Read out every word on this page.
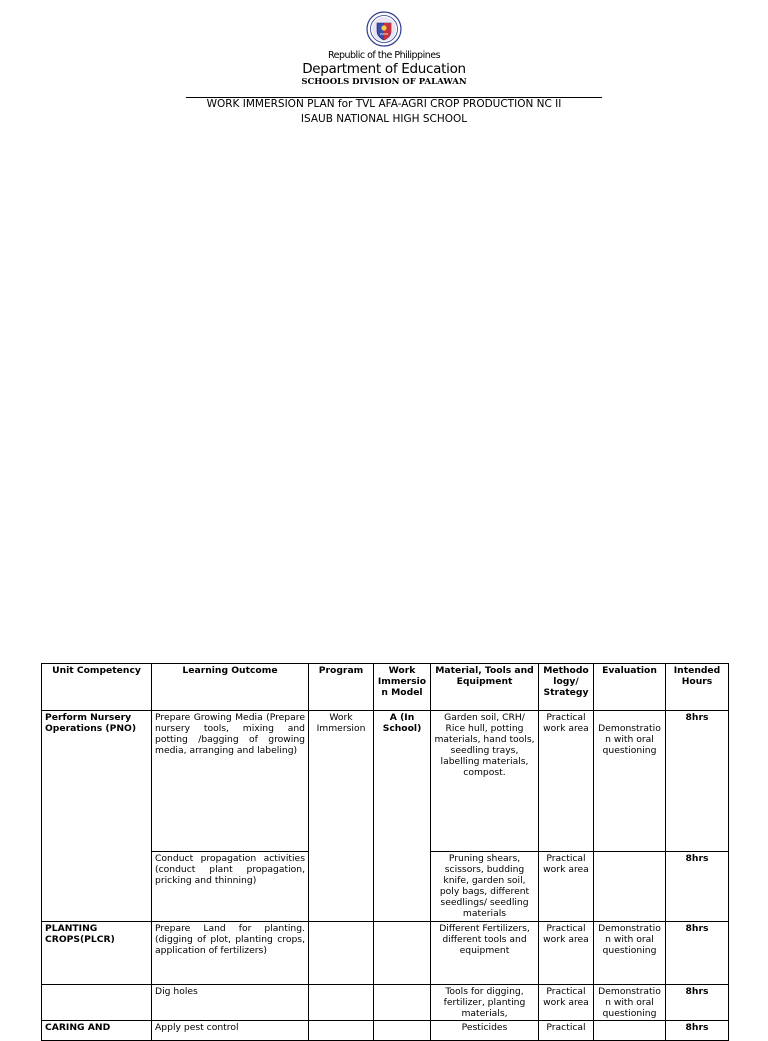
Republic of the Philippines
Department of Education
SCHOOLS DIVISION OF PALAWAN
WORK IMMERSION PLAN for TVL AFA-AGRI CROP PRODUCTION NC II
ISAUB NATIONAL HIGH SCHOOL
Unit Competency	Learning Outcome	Program	Work Immersion Model	Material, Tools and Equipment	Methodology/ Strategy	Evaluation	Intended Hours
Perform Nursery Operations (PNO)	Prepare Growing Media (Prepare nursery tools, mixing and potting /bagging of growing media, arranging and labeling)	Work Immersion	A (In School)	Garden soil, CRH/ Rice hull, potting materials, hand tools, seedling trays, labelling materials, compost.	Practical work area	Demonstration with oral questioning	8hrs
	Conduct propagation activities (conduct plant propagation, pricking and thinning)			Pruning shears, scissors, budding knife, garden soil, poly bags, different seedlings/ seedling materials	Practical work area		8hrs
PLANTING CROPS(PLCR)	Prepare Land for planting. (digging of plot, planting crops, application of fertilizers)			Different Fertilizers, different tools and equipment	Practical work area	Demonstration with oral questioning	8hrs
	Dig holes			Tools for digging, fertilizer, planting materials,	Practical work area	Demonstration with oral questioning	8hrs
CARING AND	Apply pest control			Pesticides	Practical		8hrs
